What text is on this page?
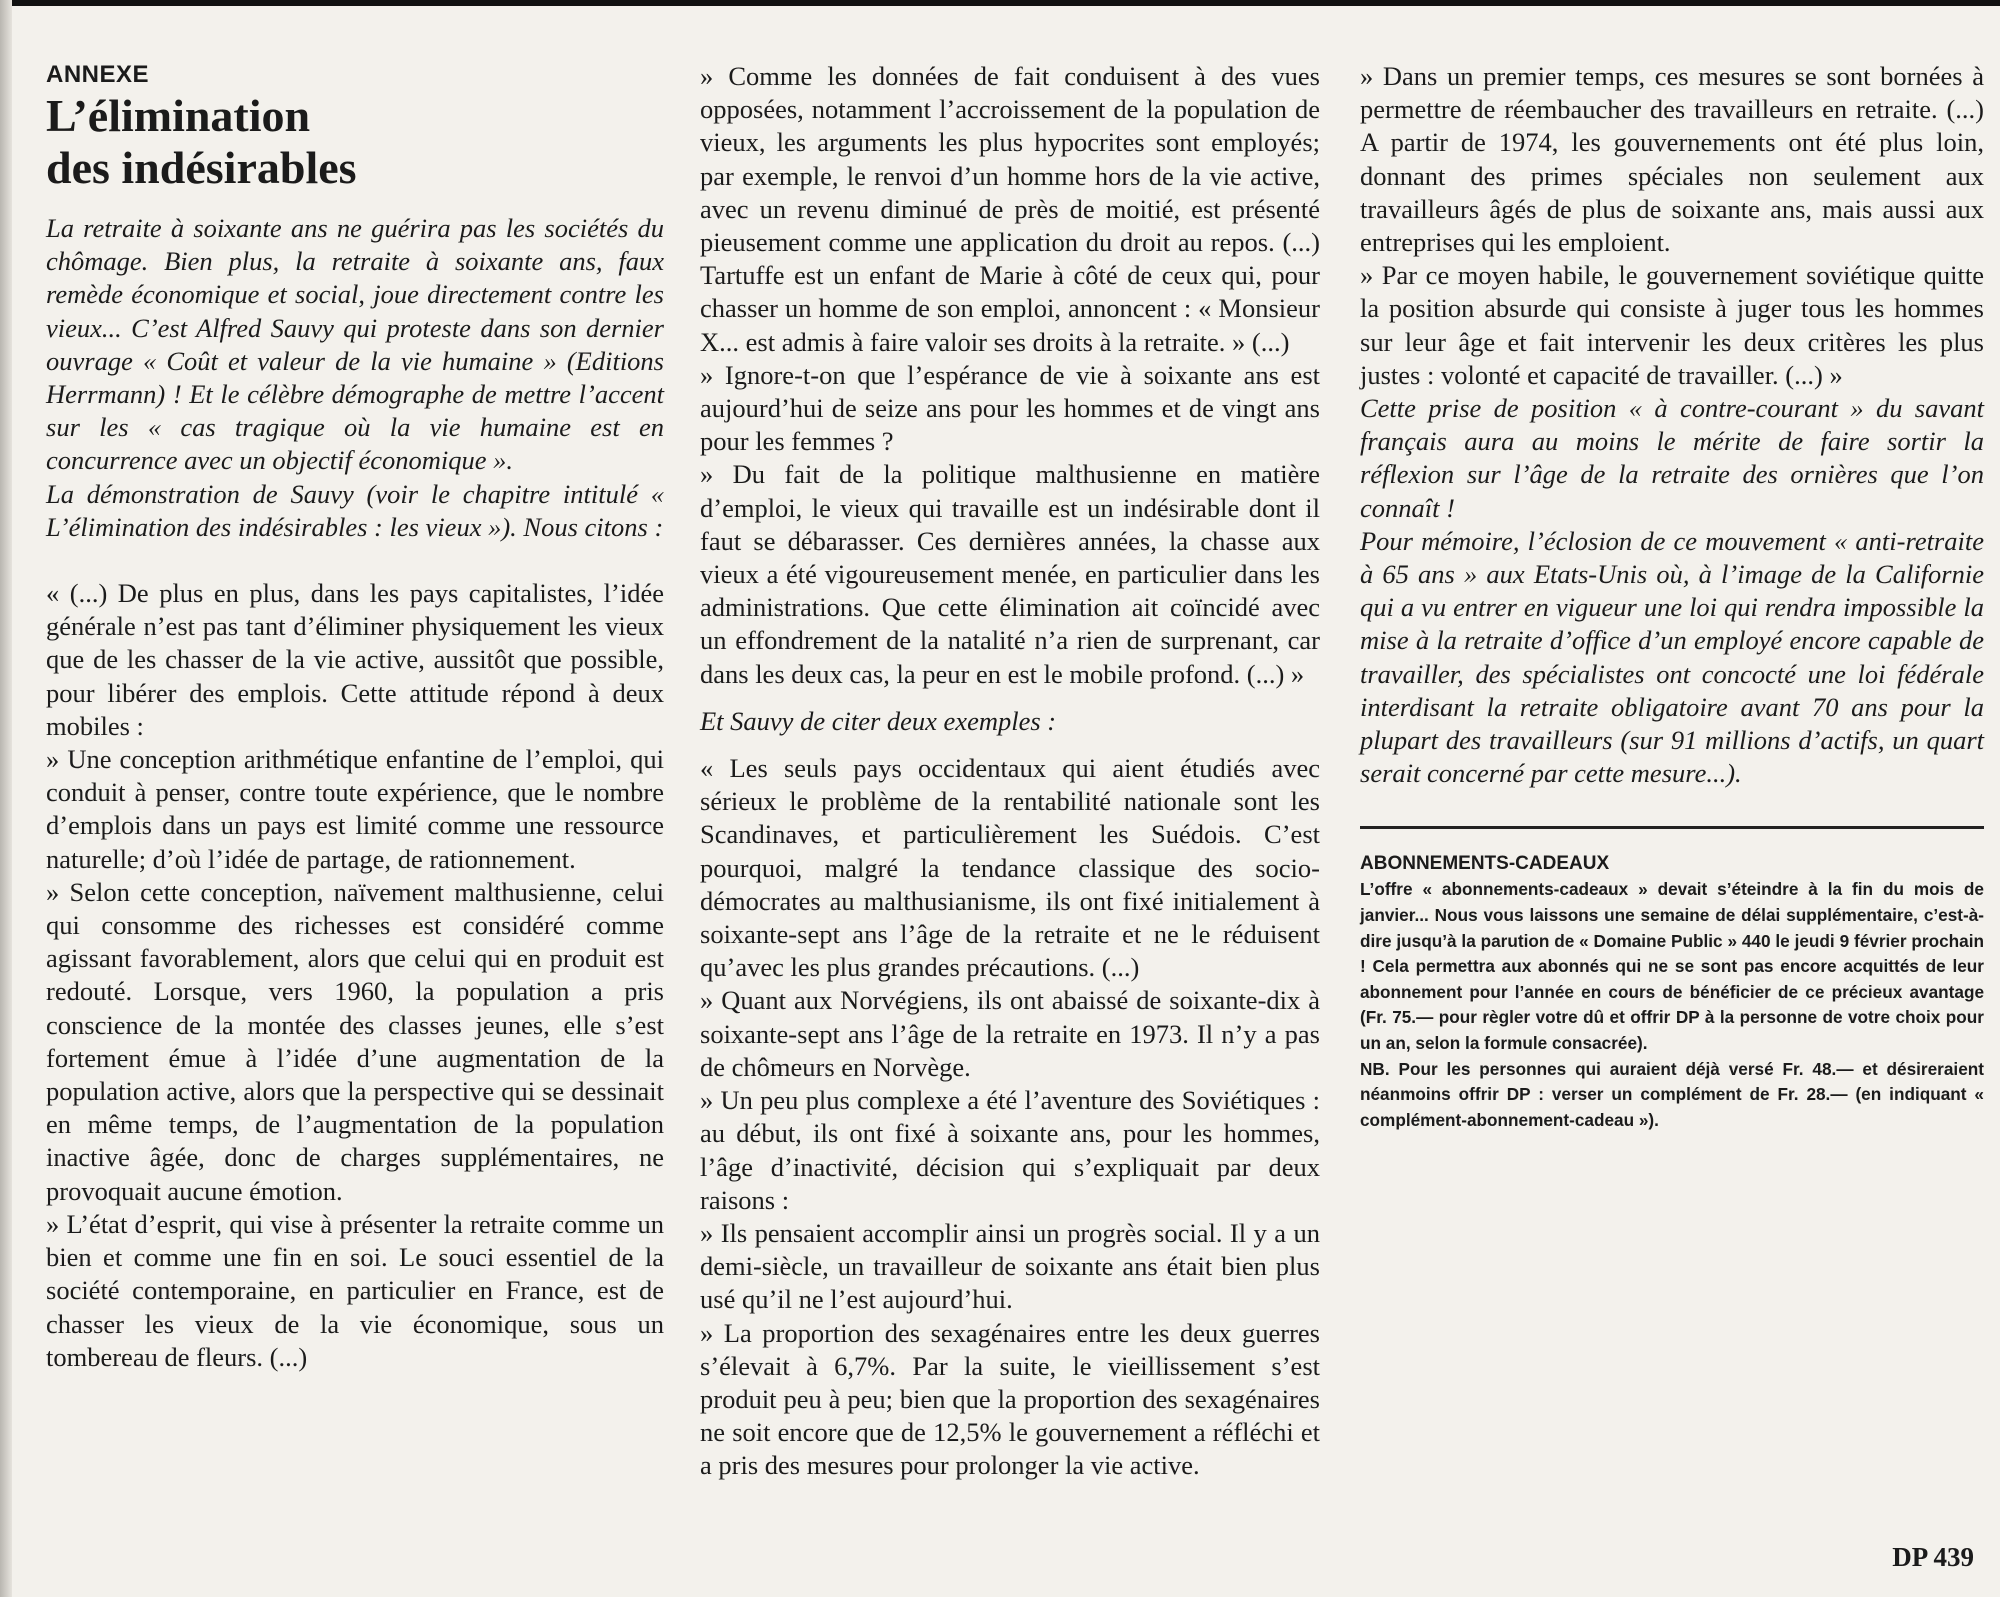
ANNEXE

L’élimination
des indésirables

La retraite à soixante ans ne guérira pas les sociétés du chômage. Bien plus, la retraite à soixante ans, faux remède économique et social, joue directement contre les vieux... C’est Alfred Sauvy qui proteste dans son dernier ouvrage « Coût et valeur de la vie humaine » (Editions Herrmann) ! Et le célèbre démographe de mettre l’accent sur les « cas tragique où la vie humaine est en concurrence avec un objectif économique ».

La démonstration de Sauvy (voir le chapitre intitulé « L’élimination des indésirables : les vieux »). Nous citons :

« (...) De plus en plus, dans les pays capitalistes, l’idée générale n’est pas tant d’éliminer physiquement les vieux que de les chasser de la vie active, aussitôt que possible, pour libérer des emplois. Cette attitude répond à deux mobiles :

» Une conception arithmétique enfantine de l’emploi, qui conduit à penser, contre toute expérience, que le nombre d’emplois dans un pays est limité comme une ressource naturelle; d’où l’idée de partage, de rationnement.

» Selon cette conception, naïvement malthusienne, celui qui consomme des richesses est considéré comme agissant favorablement, alors que celui qui en produit est redouté. Lorsque, vers 1960, la population a pris conscience de la montée des classes jeunes, elle s’est fortement émue à l’idée d’une augmentation de la population active, alors que la perspective qui se dessinait en même temps, de l’augmentation de la population inactive âgée, donc de charges supplémentaires, ne provoquait aucune émotion.

» L’état d’esprit, qui vise à présenter la retraite comme un bien et comme une fin en soi. Le souci essentiel de la société contemporaine, en particulier en France, est de chasser les vieux de la vie économique, sous un tombereau de fleurs. (...)

» Comme les données de fait conduisent à des vues opposées, notamment l’accroissement de la population de vieux, les arguments les plus hypocrites sont employés; par exemple, le renvoi d’un homme hors de la vie active, avec un revenu diminué de près de moitié, est présenté pieusement comme une application du droit au repos. (...) Tartuffe est un enfant de Marie à côté de ceux qui, pour chasser un homme de son emploi, annoncent : « Monsieur X... est admis à faire valoir ses droits à la retraite. » (...)

» Ignore-t-on que l’espérance de vie à soixante ans est aujourd’hui de seize ans pour les hommes et de vingt ans pour les femmes ?

» Du fait de la politique malthusienne en matière d’emploi, le vieux qui travaille est un indésirable dont il faut se débarasser. Ces dernières années, la chasse aux vieux a été vigoureusement menée, en particulier dans les administrations. Que cette élimination ait coïncidé avec un effondrement de la natalité n’a rien de surprenant, car dans les deux cas, la peur en est le mobile profond. (...) »

Et Sauvy de citer deux exemples :

« Les seuls pays occidentaux qui aient étudiés avec sérieux le problème de la rentabilité nationale sont les Scandinaves, et particulièrement les Suédois. C’est pourquoi, malgré la tendance classique des socio-démocrates au malthusianisme, ils ont fixé initialement à soixante-sept ans l’âge de la retraite et ne le réduisent qu’avec les plus grandes précautions. (...)

» Quant aux Norvégiens, ils ont abaissé de soixante-dix à soixante-sept ans l’âge de la retraite en 1973. Il n’y a pas de chômeurs en Norvège.

» Un peu plus complexe a été l’aventure des Soviétiques : au début, ils ont fixé à soixante ans, pour les hommes, l’âge d’inactivité, décision qui s’expliquait par deux raisons :

» Ils pensaient accomplir ainsi un progrès social. Il y a un demi-siècle, un travailleur de soixante ans était bien plus usé qu’il ne l’est aujourd’hui.

» La proportion des sexagénaires entre les deux guerres s’élevait à 6,7%. Par la suite, le vieillissement s’est produit peu à peu; bien que la proportion des sexagénaires ne soit encore que de 12,5% le gouvernement a réfléchi et a pris des mesures pour prolonger la vie active.

» Dans un premier temps, ces mesures se sont bornées à permettre de réembaucher des travailleurs en retraite. (...) A partir de 1974, les gouvernements ont été plus loin, donnant des primes spéciales non seulement aux travailleurs âgés de plus de soixante ans, mais aussi aux entreprises qui les emploient.

» Par ce moyen habile, le gouvernement soviétique quitte la position absurde qui consiste à juger tous les hommes sur leur âge et fait intervenir les deux critères les plus justes : volonté et capacité de travailler. (...) »

Cette prise de position « à contre-courant » du savant français aura au moins le mérite de faire sortir la réflexion sur l’âge de la retraite des ornières que l’on connaît !

Pour mémoire, l’éclosion de ce mouvement « anti-retraite à 65 ans » aux Etats-Unis où, à l’image de la Californie qui a vu entrer en vigueur une loi qui rendra impossible la mise à la retraite d’office d’un employé encore capable de travailler, des spécialistes ont concocté une loi fédérale interdisant la retraite obligatoire avant 70 ans pour la plupart des travailleurs (sur 91 millions d’actifs, un quart serait concerné par cette mesure...).

ABONNEMENTS-CADEAUX

L’offre « abonnements-cadeaux » devait s’éteindre à la fin du mois de janvier... Nous vous laissons une semaine de délai supplémentaire, c’est-à-dire jusqu’à la parution de « Domaine Public » 440 le jeudi 9 février prochain ! Cela permettra aux abonnés qui ne se sont pas encore acquittés de leur abonnement pour l’année en cours de bénéficier de ce précieux avantage (Fr. 75.— pour règler votre dû et offrir DP à la personne de votre choix pour un an, selon la formule consacrée).

NB. Pour les personnes qui auraient déjà versé Fr. 48.— et désireraient néanmoins offrir DP : verser un complément de Fr. 28.— (en indiquant « complément-abonnement-cadeau »).

DP 439
